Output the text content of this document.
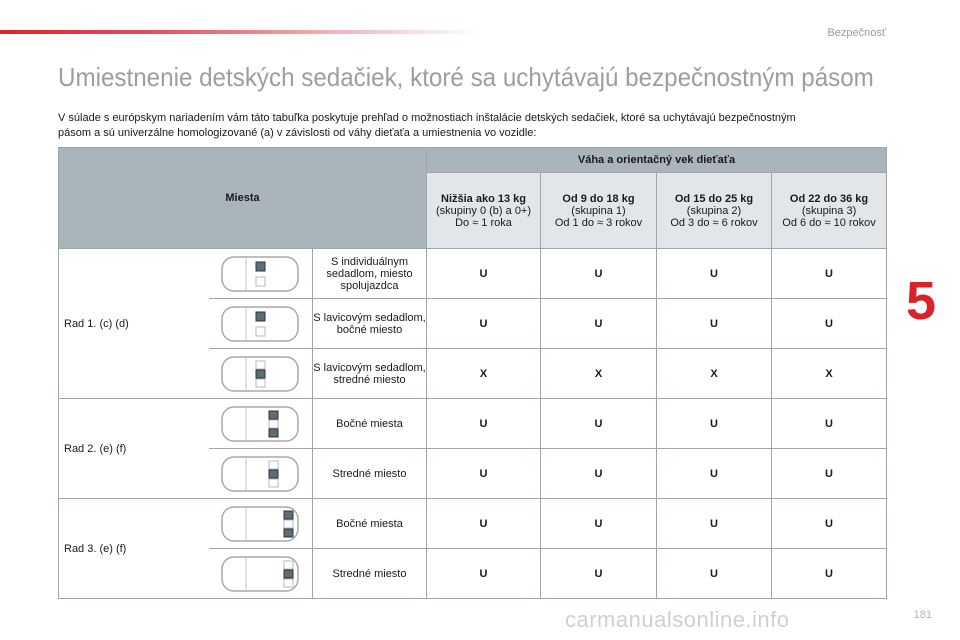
Bezpečnosť
5
181
Umiestnenie detských sedačiek, ktoré sa uchytávajú bezpečnostným pásom
V súlade s európskym nariadením vám táto tabuľka poskytuje prehľad o možnostiach inštalácie detských sedačiek, ktoré sa uchytávajú bezpečnostným pásom a sú univerzálne homologizované (a) v závislosti od váhy dieťaťa a umiestnenia vo vozidle:
Miesta			Váha a orientačný vek dieťaťa			

			Nižšia ako 13 kg
(skupiny 0 (b) a 0+)
Do ≈ 1 roka	Od 9 do 18 kg
(skupina 1)
Od 1 do ≈ 3 rokov	Od 15 do 25 kg
(skupina 2)
Od 3 do ≈ 6 rokov	Od 22 do 36 kg
(skupina 3)
Od 6 do ≈ 10 rokov
Rad 1. (c) (d)		S individuálnym sedadlom, miesto spolujazdca	U	U	U	U

	S lavicovým sedadlom, bočné miesto	U	U	U	U

	S lavicovým sedadlom, stredné miesto	X	X	X	X
Rad 2. (e) (f)		Bočné miesta	U	U	U	U

	Stredné miesto	U	U	U	U
Rad 3. (e) (f)		Bočné miesta	U	U	U	U

	Stredné miesto	U	U	U	U
carmanualsonline.info
